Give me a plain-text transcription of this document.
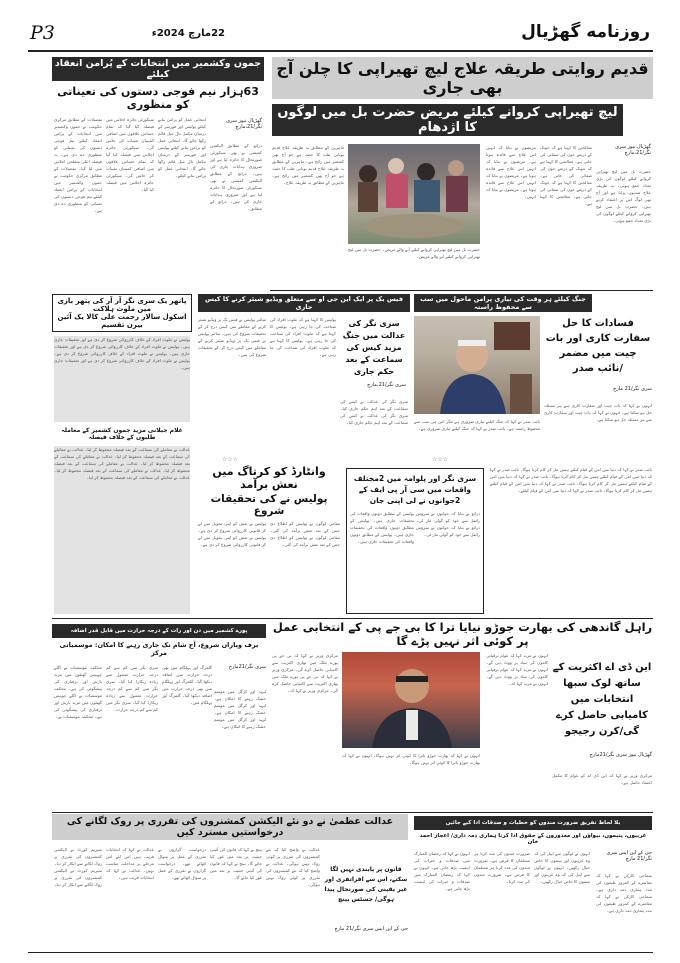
P3	22مارچ 2024ء	روزنامه گھڑیال
قدیم روایتی طریقہ علاج لیچ تھیراپی کا چلن آج بھی جاری
لیچ تھیراپی کروانے کیلئے مریض حضرت بل میں لوگوں کا اژدھام
جموں وکشمیر میں انتخابات کے پُرامن انعقاد کیلئے
63ہزار نیم فوجی دستوں کی تعیناتی کو منظوری
تفصیلات کے مطابق مرکزی حکومت نے جموں وکشمیر میں انتخابات کے پرامن انعقاد کیلئے نیم فوجی دستوں کی تعیناتی کو منظوری دے دی ہے۔ یہ فیصلہ اعلیٰ سطحی اجلاس میں لیا گیا۔ تفصیلات کے مطابق مرکزی حکومت نے جموں وکشمیر میں انتخابات کے پرامن انعقاد کیلئے نیم فوجی دستوں کی تعیناتی کو منظوری دے دی ہے۔
سیکورٹی جائزہ اجلاس میں فیصلہ کیا گیا کہ تمام حساس علاقوں میں اضافی کمپنیاں تعینات کی جائیں گی۔ سیکورٹی جائزہ اجلاس میں فیصلہ کیا گیا کہ تمام حساس علاقوں میں اضافی کمپنیاں تعینات کی جائیں گی۔ سیکورٹی جائزہ اجلاس میں فیصلہ کیا گیا۔
انتخابی عمل کو پرامن بنانے کیلئے پولیس اور فورسز کے درمیان مکمل تال میل قائم رکھا جائے گا۔ انتخابی عمل کو پرامن بنانے کیلئے پولیس اور فورسز کے درمیان مکمل تال میل قائم رکھا جائے گا۔ انتخابی عمل کو پرامن بنانے کیلئے۔
گھڑیال نیوز سری نگر/21،مارچ
ذرائع کے مطابق الیکشن کمیشن نے بھی سیکورٹی صورتحال کا جائزہ لیا ہے اور ضروری ہدایات جاری کی ہیں۔ ذرائع کے مطابق الیکشن کمیشن نے بھی سیکورٹی صورتحال کا جائزہ لیا ہے اور ضروری ہدایات جاری کی ہیں۔ ذرائع کے مطابق۔
گھڑیال نیوز سری نگر/21،مارچ
حضرت بل میں لیچ تھیراپی کروانے کیلئے لوگوں کی بڑی تعداد جمع ہوئی۔ یہ طریقہ علاج صدیوں پرانا ہے اور آج بھی لوگ اس پر اعتماد کرتے ہیں۔ حضرت بل میں لیچ تھیراپی کروانے کیلئے لوگوں کی بڑی تعداد جمع ہوئی۔
معالجین کا کہنا ہے کہ جونک کے ذریعے خون کی صفائی کی جاتی ہے۔ معالجین کا کہنا ہے کہ جونک کے ذریعے خون کی صفائی کی جاتی ہے۔ معالجین کا کہنا ہے کہ جونک کے ذریعے خون کی صفائی کی جاتی ہے۔ معالجین کا کہنا ہے۔
مریضوں نے بتایا کہ انہیں اس علاج سے فائدہ ہوتا ہے۔ مریضوں نے بتایا کہ انہیں اس علاج سے فائدہ ہوتا ہے۔ مریضوں نے بتایا کہ انہیں اس علاج سے فائدہ ہوتا ہے۔ مریضوں نے بتایا کہ انہیں۔
حضرت بل میں لیچ تھیراپی کروانے کیلئے آنے والے مریض۔ حضرت بل میں لیچ تھیراپی کروانے کیلئے آنے والے مریض۔
ماہرین کے مطابق یہ طریقہ علاج قدیم یونانی طب کا حصہ ہے جو آج بھی کشمیر میں رائج ہے۔ ماہرین کے مطابق یہ طریقہ علاج قدیم یونانی طب کا حصہ ہے جو آج بھی کشمیر میں رائج ہے۔ ماہرین کے مطابق یہ طریقہ علاج۔
پاتھر یک سری نگر آر آر کی پتھر بازی میں ملوث ہلاکت
اسکول سالار رحمت علی کالا یک آئین بیرن تقسیم
پولیس نے ملوث افراد کے خلاف کارروائی شروع کر دی ہے اور تحقیقات جاری ہیں۔ پولیس نے ملوث افراد کے خلاف کارروائی شروع کر دی ہے اور تحقیقات جاری ہیں۔ پولیس نے ملوث افراد کے خلاف کارروائی شروع کر دی ہے۔ پولیس نے ملوث افراد کے خلاف کارروائی شروع کر دی ہے اور تحقیقات جاری ہیں۔
غلام جیلانی مزید جموں کشمیر کے معاملہ طلبوں کے خلاف فیصلہ
عدالت نے معاملے کی سماعت کے بعد فیصلہ محفوظ کر لیا۔ عدالت نے معاملے کی سماعت کے بعد فیصلہ محفوظ کر لیا۔ عدالت نے معاملے کی سماعت کے بعد فیصلہ محفوظ کر لیا۔ عدالت نے معاملے کی سماعت کے بعد فیصلہ محفوظ کر لیا۔ عدالت نے معاملے کی سماعت کے بعد فیصلہ محفوظ کر لیا۔ عدالت نے معاملے کی سماعت کے بعد فیصلہ محفوظ کر لیا۔
فیس بک پر ایک این جی او سے متعلق ویڈیو شیئر کرنے کا کیس جاری
سائبر پولیس نے فیس بک پر ویڈیو شیئر کرنے کے معاملے میں کیس درج کر کے تحقیقات شروع کی ہیں۔ سائبر پولیس نے فیس بک پر ویڈیو شیئر کرنے کے معاملے میں کیس درج کر کے تحقیقات شروع کی ہیں۔
پولیس کا کہنا ہے کہ ملوث افراد کی شناخت کی جا رہی ہے۔ پولیس کا کہنا ہے کہ ملوث افراد کی شناخت کی جا رہی ہے۔ پولیس کا کہنا ہے کہ ملوث افراد کی شناخت کی جا رہی ہے۔
☆☆☆
سری نگر کی عدالت میں جنگ مزید کیس کی سماعت کے بعد حکم جاری
سری نگر/21،مارچ
سری نگر کی عدالت نے کیس کی سماعت کے بعد اہم حکم جاری کیا۔ سری نگر کی عدالت نے کیس کی سماعت کے بعد اہم حکم جاری کیا۔
جنگ کیلئے ہر وقت کی تیاری پرامن ماحول میں سب سے محفوظ راستہ
فسادات کا حل سفارت کاری اور بات چیت میں مضمر
/نائب صدر
سری نگر/21 مارچ
نائب صدر نے کہا کہ جنگ کیلئے تیاری ضروری ہے مگر امن ہی سب سے محفوظ راستہ ہے۔ نائب صدر نے کہا کہ جنگ کیلئے تیاری ضروری ہے۔
انہوں نے کہا کہ بات چیت اور سفارت کاری سے ہر مسئلہ حل ہو سکتا ہے۔ انہوں نے کہا کہ بات چیت اور سفارت کاری سے ہر مسئلہ حل ہو سکتا ہے۔
☆☆☆
وانٹارڈ کو کرتاگ میں نعش برآمد
پولیس نے کی تحقیقات شروع
پولیس نے نعش کو اپنی تحویل میں لے کر قانونی کارروائی شروع کر دی ہے۔ پولیس نے نعش کو اپنی تحویل میں لے کر قانونی کارروائی شروع کر دی ہے۔
مقامی لوگوں نے پولیس کو اطلاع دی جس کے بعد نعش برآمد کی گئی۔ مقامی لوگوں نے پولیس کو اطلاع دی جس کے بعد نعش برآمد کی گئی۔
سری نگر اور پلوامہ میں 2مختلف واقعات میں سی آر پی ایف کے 2جوانوں نے لی اپنی جان
پولیس کے مطابق دونوں واقعات کی تحقیقات جاری ہیں۔ پولیس کے مطابق دونوں واقعات کی تحقیقات جاری ہیں۔ پولیس کے مطابق دونوں واقعات کی تحقیقات جاری ہیں۔
ذرائع نے بتایا کہ جوانوں نے سروس رائفل سے خود کو گولی مار لی۔ ذرائع نے بتایا کہ جوانوں نے سروس رائفل سے خود کو گولی مار لی۔
نائب صدر نے کہا کہ دنیا میں امن کے قیام کیلئے ہمیں مل کر کام کرنا ہوگا۔ نائب صدر نے کہا کہ دنیا میں امن کے قیام کیلئے ہمیں مل کر کام کرنا ہوگا۔ نائب صدر نے کہا کہ دنیا میں امن کے قیام کیلئے ہمیں مل کر کام کرنا ہوگا۔ نائب صدر نے کہا کہ دنیا میں امن کے قیام کیلئے ہمیں مل کر کام کرنا ہوگا۔ نائب صدر نے کہا کہ دنیا میں امن کے قیام کیلئے۔
راہل گاندھی کی بھارت جوڑو نیایا ترا کا بی جے پی کے انتخابی عمل پر کوئی اثر نہیں پڑے گا
پورے کشمیر میں دن اور رات کے درجہ حرارت میں قابل قدر اضافہ
برف وباراں شروع، آج شام تک جاری رہنے کا امکان: موسمیاتی مرکز
سری نگر/21مارچ
محکمہ موسمیات نے اگلے چوبیس گھنٹوں میں مزید بارش اور برفباری کی پیشگوئی کی ہے۔ محکمہ موسمیات نے اگلے چوبیس گھنٹوں میں مزید بارش اور برفباری کی پیشگوئی کی ہے۔ محکمہ موسمیات نے۔
سری نگر میں کم سے کم درجہ حرارت معمول سے زیادہ ریکارڈ کیا گیا۔ سری نگر میں کم سے کم درجہ حرارت معمول سے زیادہ ریکارڈ کیا گیا۔ سری نگر میں کم سے کم درجہ حرارت۔
گلمرگ اور پہلگام میں بھی درجہ حرارت میں اضافہ دیکھا گیا۔ گلمرگ اور پہلگام میں بھی درجہ حرارت میں اضافہ دیکھا گیا۔ گلمرگ اور پہلگام میں۔
لیہہ اور کرگل میں موسم خشک رہنے کا امکان ہے۔ لیہہ اور کرگل میں موسم خشک رہنے کا امکان ہے۔ لیہہ اور کرگل میں موسم خشک رہنے کا امکان ہے۔
مرکزی وزیر نے کہا کہ بی جے پی پورے ملک میں بھاری اکثریت سے کامیابی حاصل کرے گی۔ مرکزی وزیر نے کہا کہ بی جے پی پورے ملک میں بھاری اکثریت سے کامیابی حاصل کرے گی۔ مرکزی وزیر نے کہا کہ۔
انہوں نے کہا کہ بھارت جوڑو یاترا کا کوئی اثر نہیں ہوگا۔ انہوں نے کہا کہ بھارت جوڑو یاترا کا کوئی اثر نہیں ہوگا۔
انہوں نے مزید کہا کہ عوام ترقیاتی کاموں کی بنیاد پر ووٹ دیں گے۔ انہوں نے مزید کہا کہ عوام ترقیاتی کاموں کی بنیاد پر ووٹ دیں گے۔ انہوں نے مزید کہا کہ۔
این ڈی اے اکثریت کے ساتھ لوک سبھا انتخابات میں کامیابی حاصل کرے گی/کرن رجیجو
گھڑیال نیوز سری نگر/21مارچ
مرکزی وزیر نے کہا کہ این ڈی اے کو عوام کا مکمل اعتماد حاصل ہے۔
عدالت عظمیٰ نے دو نئے الیکشن کمشنروں کی تقرری پر روک لگانے کی درخواستیں مسترد کیں
بلا لحاظ تفریق ضرورت مندوں کو خطبات و صدقات ادا کیے جائیں
غریبوں، یتیموں، بیواؤں اور معذوروں کے حقوق ادا کرنا ہماری ذمہ داری/ اعجاز احمد خان
سپریم کورٹ نے الیکشن کمشنروں کی تقرری پر روک لگانے سے انکار کر دیا۔ سپریم کورٹ نے الیکشن کمشنروں کی تقرری پر روک لگانے سے انکار کر دیا۔
عدالت نے کہا کہ انتخابات قریب ہیں اس لئے اس مرحلے پر مداخلت مناسب نہیں۔ عدالت نے کہا کہ انتخابات قریب ہیں۔
درخواست گزاروں نے تقرری کے عمل پر سوال اٹھائے تھے۔ درخواست گزاروں نے تقرری کے عمل پر سوال اٹھائے تھے۔
بینچ نے کہا کہ قانون کی آئینی حیثیت پر بعد میں غور کیا جائے گا۔ بینچ نے کہا کہ قانون کی آئینی حیثیت پر بعد میں غور کیا جائے گا۔
عدالت نے واضح کیا کہ نئے کمشنروں کی تقرری پر کوئی روک نہیں ہوگی۔ عدالت نے واضح کیا کہ نئے کمشنروں کی تقرری پر کوئی روک نہیں ہوگی۔
قانون پر پابندی نہیں لگا سکتے، اس سے افراتفری اور غیر یقینی کی صورتحال پیدا ہوگی/ جسٹس بینچ
جی کے این ایس سری نگر/21 مارچ
انہوں نے کہا کہ رمضان المبارک میں صدقات و خیرات کی اہمیت بڑھ جاتی ہے۔ انہوں نے کہا کہ رمضان المبارک میں صدقات و خیرات کی اہمیت بڑھ جاتی ہے۔
ضرورت مندوں کی مدد کرنا ہر مسلمان کا فرض ہے۔ ضرورت مندوں کی مدد کرنا ہر مسلمان کا فرض ہے۔ ضرورت مندوں کی مدد کرنا۔
انہوں نے لوگوں سے اپیل کی کہ وہ غریبوں اور یتیموں کا خاص خیال رکھیں۔ انہوں نے لوگوں سے اپیل کی کہ وہ غریبوں اور یتیموں کا خاص خیال رکھیں۔
جی کے این ایس سری نگر/21 مارچ
سماجی کارکن نے کہا کہ معاشرے کے کمزور طبقوں کی مدد ہماری ذمہ داری ہے۔ سماجی کارکن نے کہا کہ معاشرے کے کمزور طبقوں کی مدد ہماری ذمہ داری ہے۔
